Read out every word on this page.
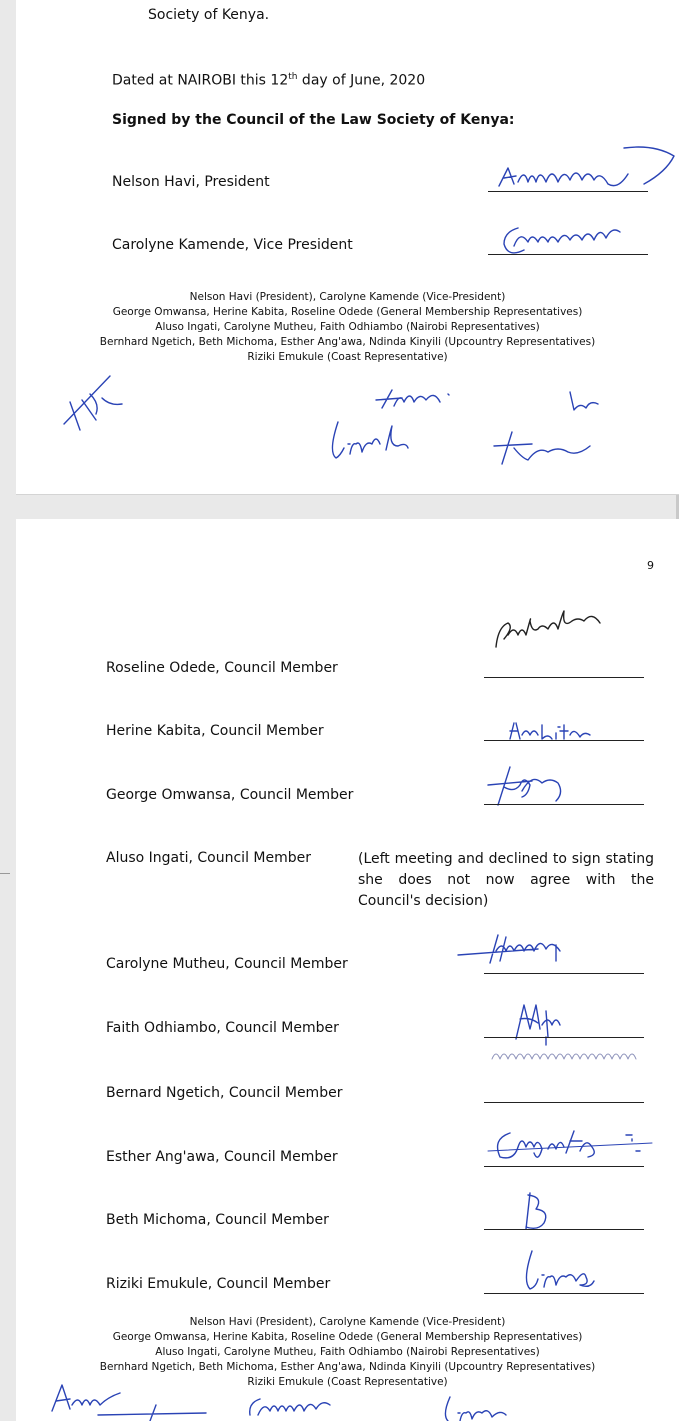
Society of Kenya.
Dated at NAIROBI this 12th day of June, 2020
Signed by the Council of the Law Society of Kenya:
Nelson Havi, President
Carolyne Kamende, Vice President
Nelson Havi (President), Carolyne Kamende (Vice-President)
George Omwansa, Herine Kabita, Roseline Odede (General Membership Representatives)
Aluso Ingati, Carolyne Mutheu, Faith Odhiambo (Nairobi Representatives)
Bernhard Ngetich, Beth Michoma, Esther Ang'awa, Ndinda Kinyili (Upcountry Representatives)
Riziki Emukule (Coast Representative)
9
Roseline Odede, Council Member
Herine Kabita, Council Member
George Omwansa, Council Member
Aluso Ingati, Council Member	(Left meeting and declined to sign stating she does not now agree with the Council's decision)
Carolyne Mutheu, Council Member
Faith Odhiambo, Council Member
Bernard Ngetich, Council Member
Esther Ang'awa, Council Member
Beth Michoma, Council Member
Riziki Emukule, Council Member
Nelson Havi (President), Carolyne Kamende (Vice-President)
George Omwansa, Herine Kabita, Roseline Odede (General Membership Representatives)
Aluso Ingati, Carolyne Mutheu, Faith Odhiambo (Nairobi Representatives)
Bernhard Ngetich, Beth Michoma, Esther Ang'awa, Ndinda Kinyili (Upcountry Representatives)
Riziki Emukule (Coast Representative)
